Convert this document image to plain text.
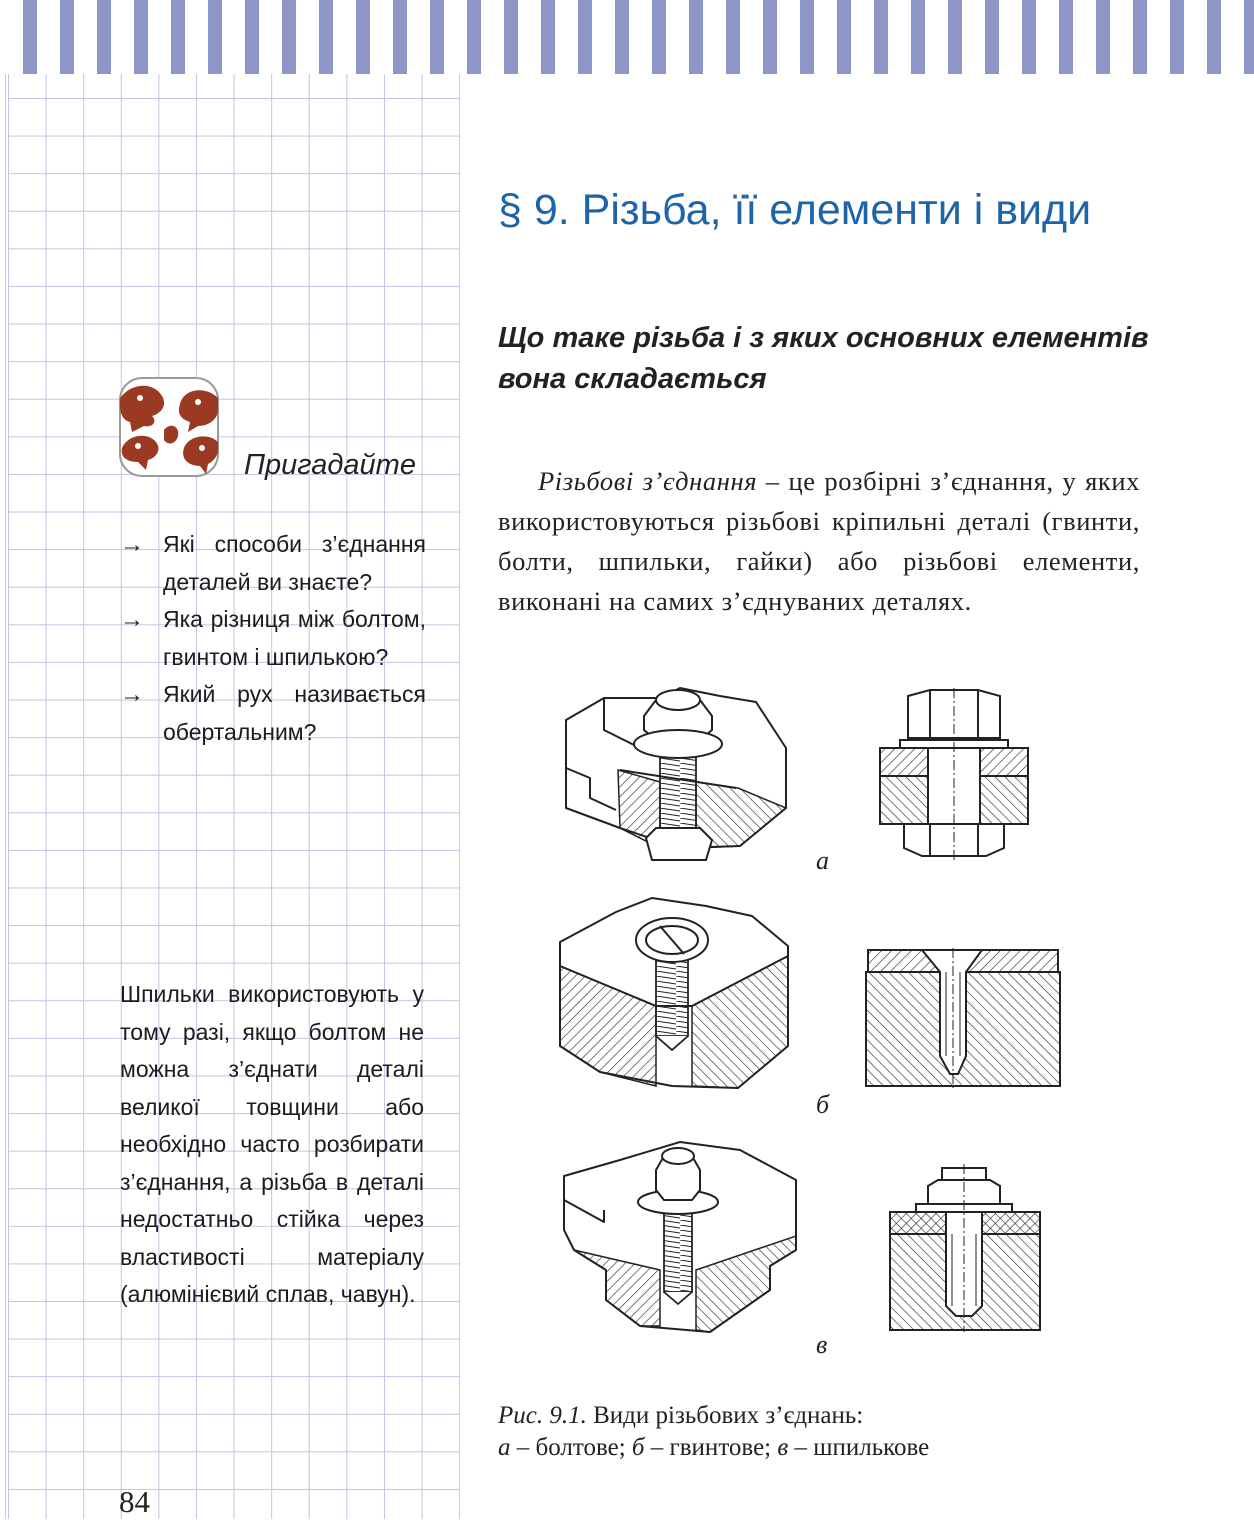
Пригадайте

→ Які способи з’єднання деталей ви знаєте?
→ Яка різниця між болтом, гвинтом і шпилькою?
→ Який рух називається обертальним?

Шпильки використовують у тому разі, якщо болтом не можна з’єднати деталі великої товщини або необхідно часто розбирати з’єднання, а різьба в деталі недостатньо стійка через властивості матеріалу (алюмінієвий сплав, чавун).

84

§ 9. Різьба, її елементи і види
Що таке різьба і з яких основних елементів вона складається

Різьбові з’єднання – це розбірні з’єднання, у яких використовуються різьбові кріпильні деталі (гвинти, болти, шпильки, гайки) або різьбові елементи, виконані на самих з’єднуваних деталях.

а

б

в

Рис. 9.1. Види різьбових з’єднань:
а – болтове; б – гвинтове; в – шпилькове
